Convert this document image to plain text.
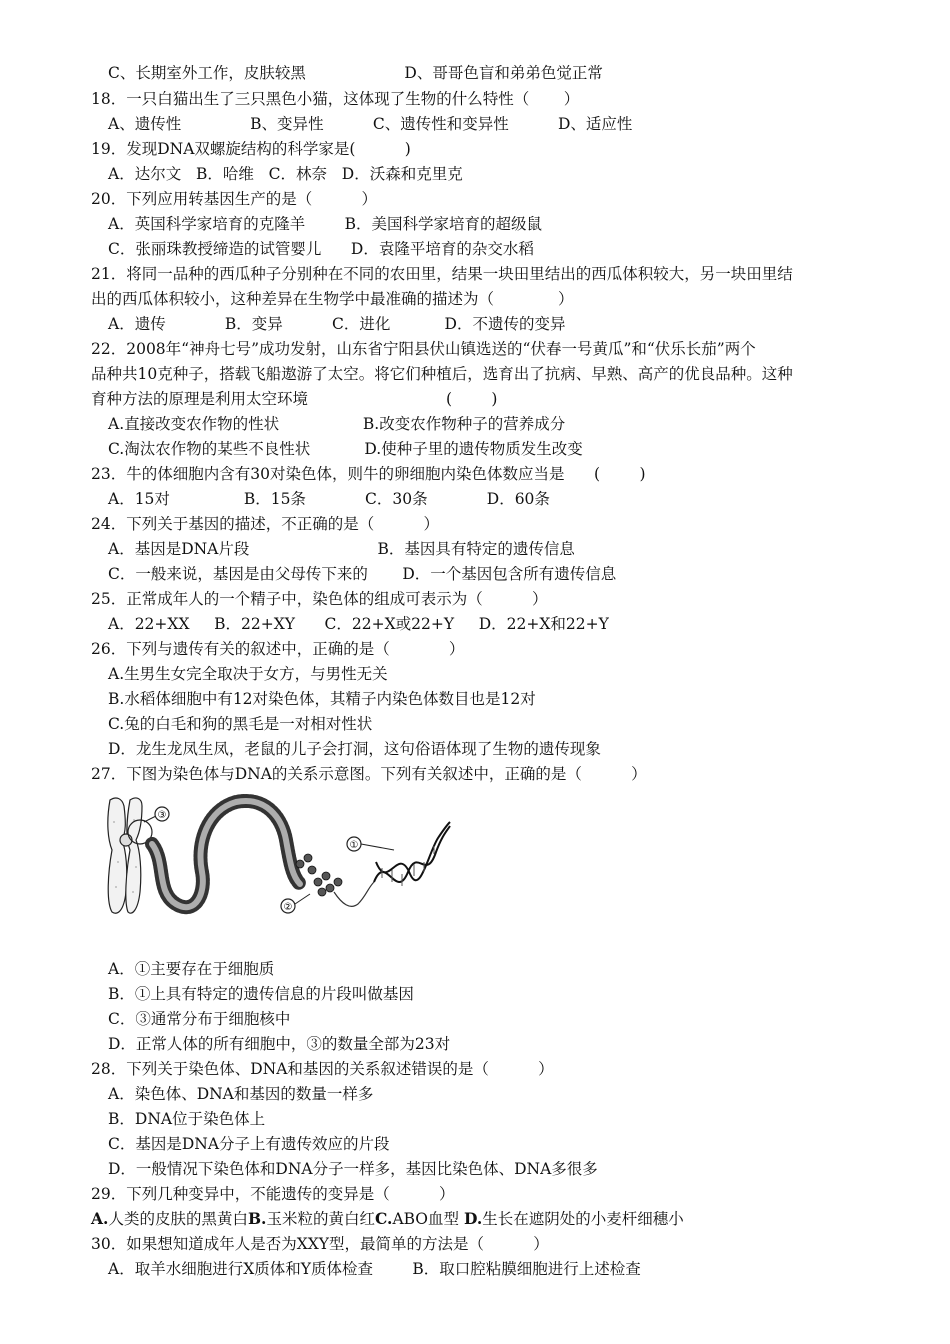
C、长期室外工作，皮肤较黑                    D、哥哥色盲和弟弟色觉正常
18．一只白猫出生了三只黑色小猫，这体现了生物的什么特性（       ）
A、遗传性              B、变异性          C、遗传性和变异性          D、适应性
19．发现DNA双螺旋结构的科学家是(          )
A．达尔文   B．哈维   C．林奈   D．沃森和克里克
20．下列应用转基因生产的是（          ）
A．英国科学家培育的克隆羊        B．美国科学家培育的超级鼠
C．张丽珠教授缔造的试管婴儿      D．袁隆平培育的杂交水稻
21．将同一品种的西瓜种子分别种在不同的农田里，结果一块田里结出的西瓜体积较大，另一块田里结
出的西瓜体积较小，这种差异在生物学中最准确的描述为（             ）
A．遗传            B．变异          C．进化           D．不遗传的变异
22．2008年“神舟七号”成功发射，山东省宁阳县伏山镇选送的“伏春一号黄瓜”和“伏乐长茄”两个
品种共10克种子，搭载飞船遨游了太空。将它们种植后，选育出了抗病、早熟、高产的优良品种。这种
育种方法的原理是利用太空环境                            (        )
A.直接改变农作物的性状                 B.改变农作物种子的营养成分
C.淘汰农作物的某些不良性状           D.使种子里的遗传物质发生改变
23．牛的体细胞内含有30对染色体，则牛的卵细胞内染色体数应当是      (        )
A．15对               B．15条            C．30条            D．60条
24．下列关于基因的描述，不正确的是（          ）
A．基因是DNA片段                          B．基因具有特定的遗传信息
C．一般来说，基因是由父母传下来的       D．一个基因包含所有遗传信息
25．正常成年人的一个精子中，染色体的组成可表示为（          ）
A．22+XX     B．22+XY      C．22+X或22+Y     D．22+X和22+Y
26．下列与遗传有关的叙述中，正确的是（            ）
A.生男生女完全取决于女方，与男性无关
B.水稻体细胞中有12对染色体，其精子内染色体数目也是12对
C.兔的白毛和狗的黑毛是一对相对性状
D．龙生龙凤生凤，老鼠的儿子会打洞，这句俗语体现了生物的遗传现象
27．下图为染色体与DNA的关系示意图。下列有关叙述中，正确的是（          ）
③
①
②
A．①主要存在于细胞质
B．①上具有特定的遗传信息的片段叫做基因
C．③通常分布于细胞核中
D．正常人体的所有细胞中，③的数量全部为23对
28．下列关于染色体、DNA和基因的关系叙述错误的是（          ）
A．染色体、DNA和基因的数量一样多
B．DNA位于染色体上
C．基因是DNA分子上有遗传效应的片段
D．一般情况下染色体和DNA分子一样多，基因比染色体、DNA多很多
29．下列几种变异中，不能遗传的变异是（          ）
A.人类的皮肤的黑黄白B.玉米粒的黄白红C.ABO血型 D.生长在遮阴处的小麦杆细穗小
30．如果想知道成年人是否为XXY型，最简单的方法是（          ）
A．取羊水细胞进行X质体和Y质体检查        B．取口腔粘膜细胞进行上述检查
